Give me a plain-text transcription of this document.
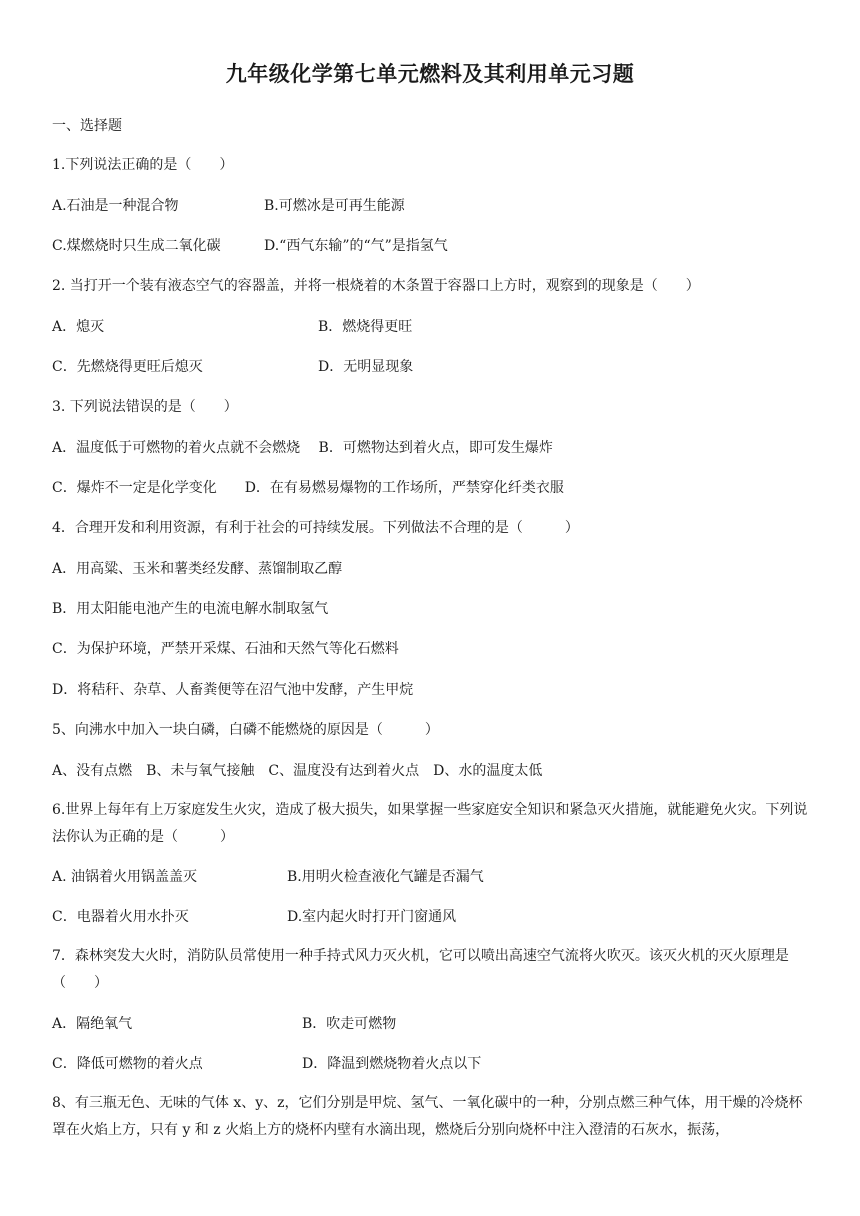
九年级化学第七单元燃料及其利用单元习题
一、选择题
1.下列说法正确的是（　　）
A.石油是一种混合物	B.可燃冰是可再生能源
C.煤燃烧时只生成二氧化碳	D.“西气东输”的“气”是指氢气
2. 当打开一个装有液态空气的容器盖，并将一根烧着的木条置于容器口上方时，观察到的现象是（　　）
A．熄灭	B．燃烧得更旺
C．先燃烧得更旺后熄灭	D．无明显现象
3. 下列说法错误的是（　　）
A．温度低于可燃物的着火点就不会燃烧　 B．可燃物达到着火点，即可发生爆炸
C．爆炸不一定是化学变化　　D．在有易燃易爆物的工作场所，严禁穿化纤类衣服
4．合理开发和利用资源，有利于社会的可持续发展。下列做法不合理的是（　　　）
A．用高粱、玉米和薯类经发酵、蒸馏制取乙醇
B．用太阳能电池产生的电流电解水制取氢气
C．为保护环境，严禁开采煤、石油和天然气等化石燃料
D．将秸秆、杂草、人畜粪便等在沼气池中发酵，产生甲烷
5、向沸水中加入一块白磷，白磷不能燃烧的原因是（　　　）
A、没有点燃　B、未与氧气接触　C、温度没有达到着火点　D、水的温度太低
6.世界上每年有上万家庭发生火灾，造成了极大损失，如果掌握一些家庭安全知识和紧急灭火措施，就能避免火灾。下列说法你认为正确的是（　　　）
A. 油锅着火用锅盖盖灭	B.用明火检查液化气罐是否漏气
C．电器着火用水扑灭	D.室内起火时打开门窗通风
7．森林突发大火时，消防队员常使用一种手持式风力灭火机，它可以喷出高速空气流将火吹灭。该灭火机的灭火原理是（　　）
A．隔绝氧气	B．吹走可燃物
C．降低可燃物的着火点	D．降温到燃烧物着火点以下
8、有三瓶无色、无味的气体 x、y、z，它们分别是甲烷、氢气、一氧化碳中的一种，分别点燃三种气体，用干燥的冷烧杯罩在火焰上方，只有 y 和 z 火焰上方的烧杯内壁有水滴出现，燃烧后分别向烧杯中注入澄清的石灰水，振荡，
